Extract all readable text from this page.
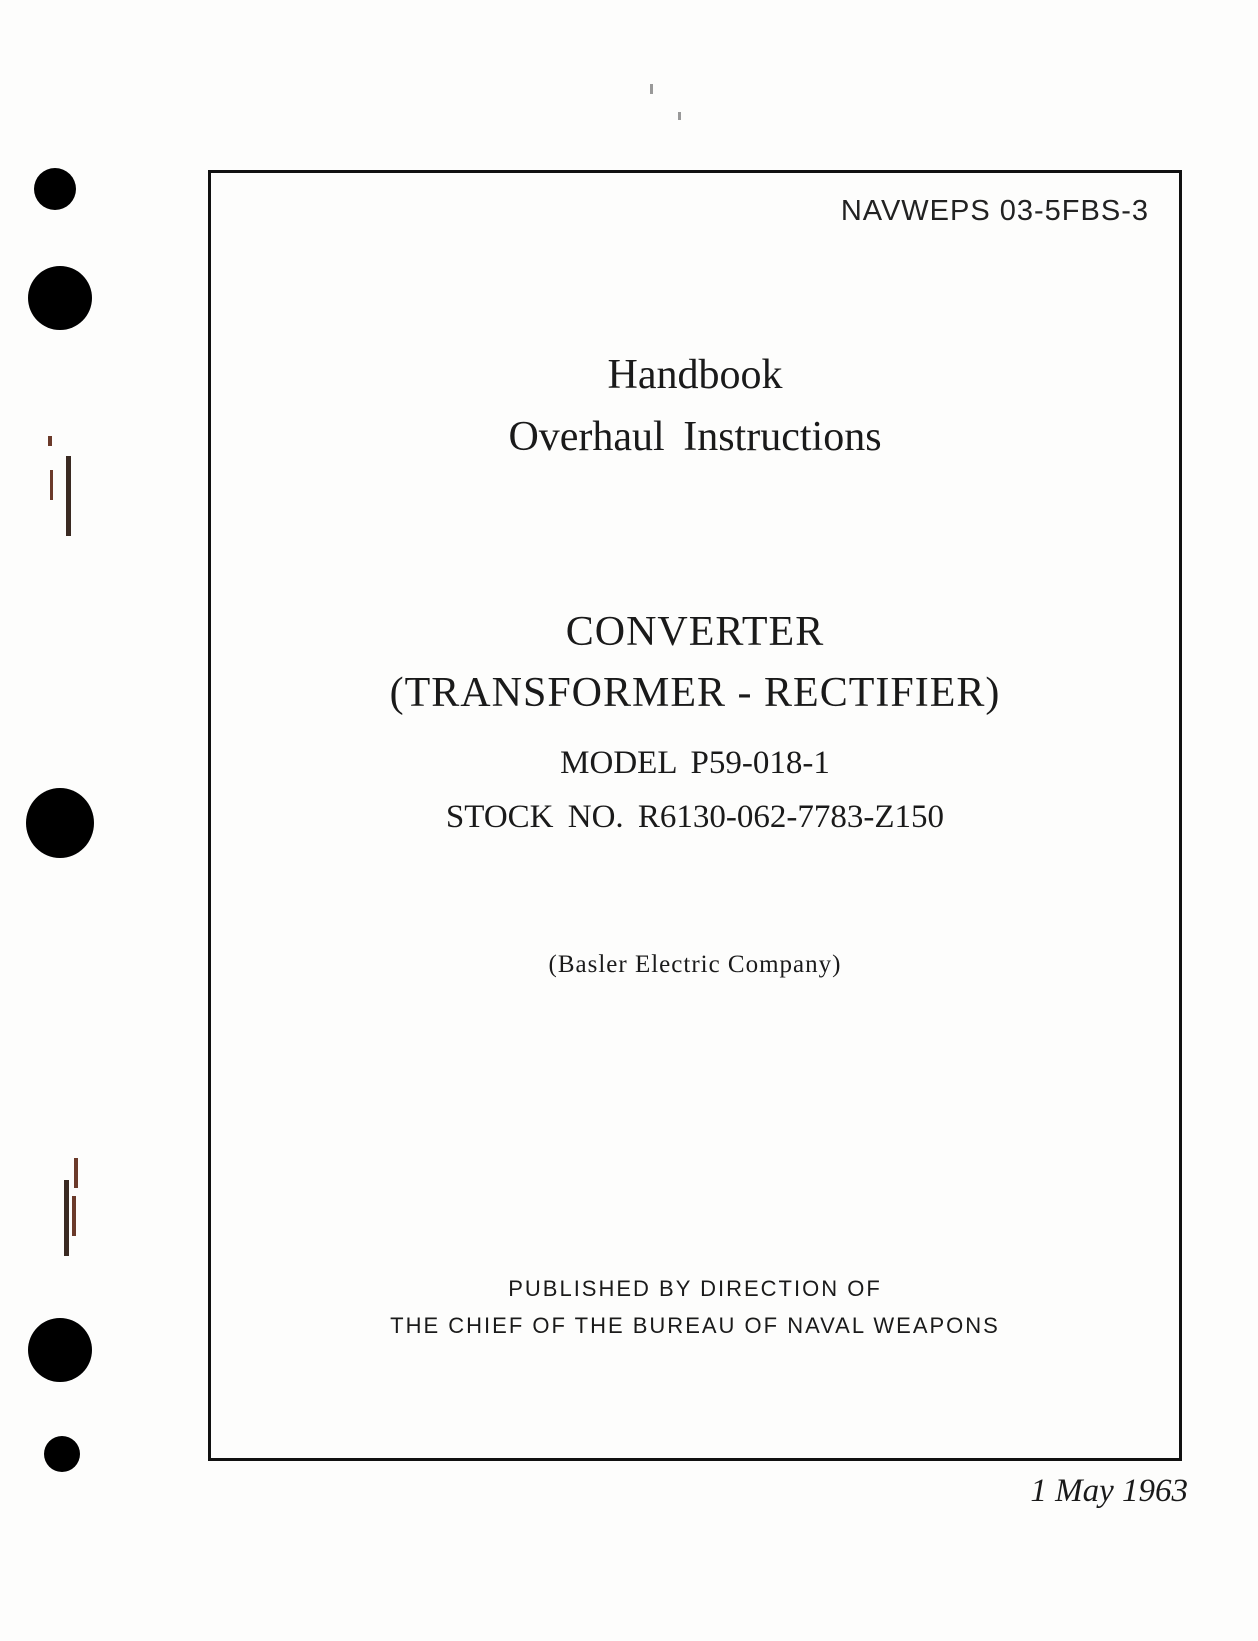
NAVWEPS 03-5FBS-3
Handbook
Overhaul Instructions
CONVERTER
(TRANSFORMER - RECTIFIER)
MODEL P59-018-1
STOCK NO. R6130-062-7783-Z150
(Basler Electric Company)
PUBLISHED BY DIRECTION OF
THE CHIEF OF THE BUREAU OF NAVAL WEAPONS
1 May 1963
